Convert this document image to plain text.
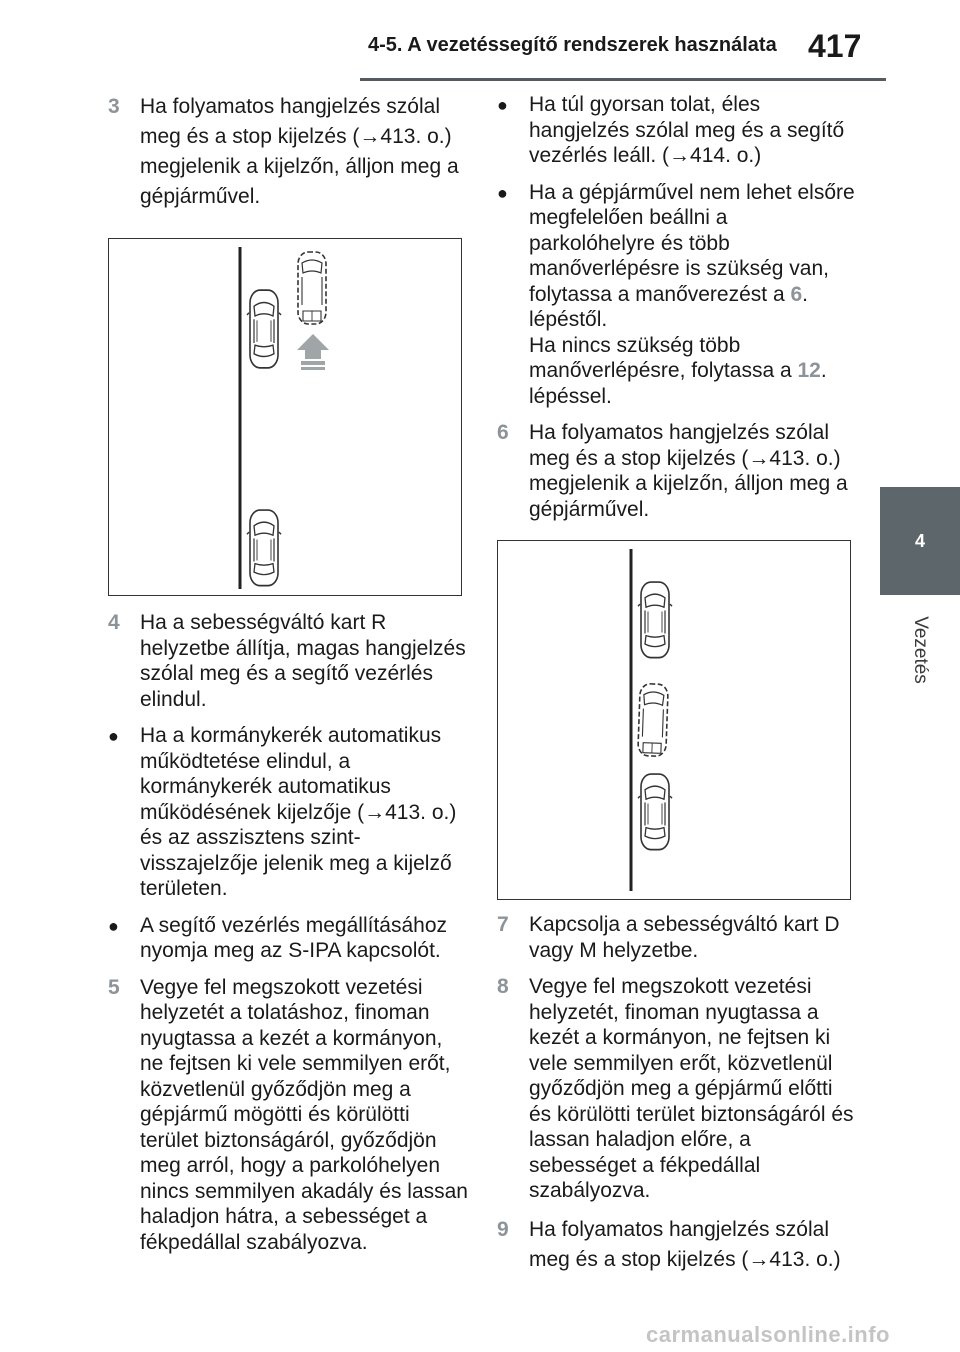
4-5. A vezetéssegítő rendszerek használata 417
4
Vezetés
3 Ha folyamatos hangjelzés szólal meg és a stop kijelzés (→413. o.) megjelenik a kijelzőn, álljon meg a gépjárművel.
4 Ha a sebességváltó kart R helyzetbe állítja, magas hangjelzés szólal meg és a segítő vezérlés elindul.
● Ha a kormánykerék automatikus működtetése elindul, a kormánykerék automatikus működésének kijelzője (→413. o.) és az asszisztens szint-visszajelzője jelenik meg a kijelző területen.
● A segítő vezérlés megállításához nyomja meg az S-IPA kapcsolót.
5 Vegye fel megszokott vezetési helyzetét a tolatáshoz, finoman nyugtassa a kezét a kormányon, ne fejtsen ki vele semmilyen erőt, közvetlenül győződjön meg a gépjármű mögötti és körülötti terület biztonságáról, győződjön meg arról, hogy a parkolóhelyen nincs semmilyen akadály és lassan haladjon hátra, a sebességet a fékpedállal szabályozva.
● Ha túl gyorsan tolat, éles hangjelzés szólal meg és a segítő vezérlés leáll. (→414. o.)
● Ha a gépjárművel nem lehet elsőre megfelelően beállni a parkolóhelyre és több manőverlépésre is szükség van, folytassa a manőverezést a 6. lépéstől.
Ha nincs szükség több manőverlépésre, folytassa a 12. lépéssel.
6 Ha folyamatos hangjelzés szólal meg és a stop kijelzés (→413. o.) megjelenik a kijelzőn, álljon meg a gépjárművel.
7 Kapcsolja a sebességváltó kart D vagy M helyzetbe.
8 Vegye fel megszokott vezetési helyzetét, finoman nyugtassa a kezét a kormányon, ne fejtsen ki vele semmilyen erőt, közvetlenül győződjön meg a gépjármű előtti és körülötti terület biztonságáról és lassan haladjon előre, a sebességet a fékpedállal szabályozva.
9 Ha folyamatos hangjelzés szólal meg és a stop kijelzés (→413. o.)
carmanualsonline.info
